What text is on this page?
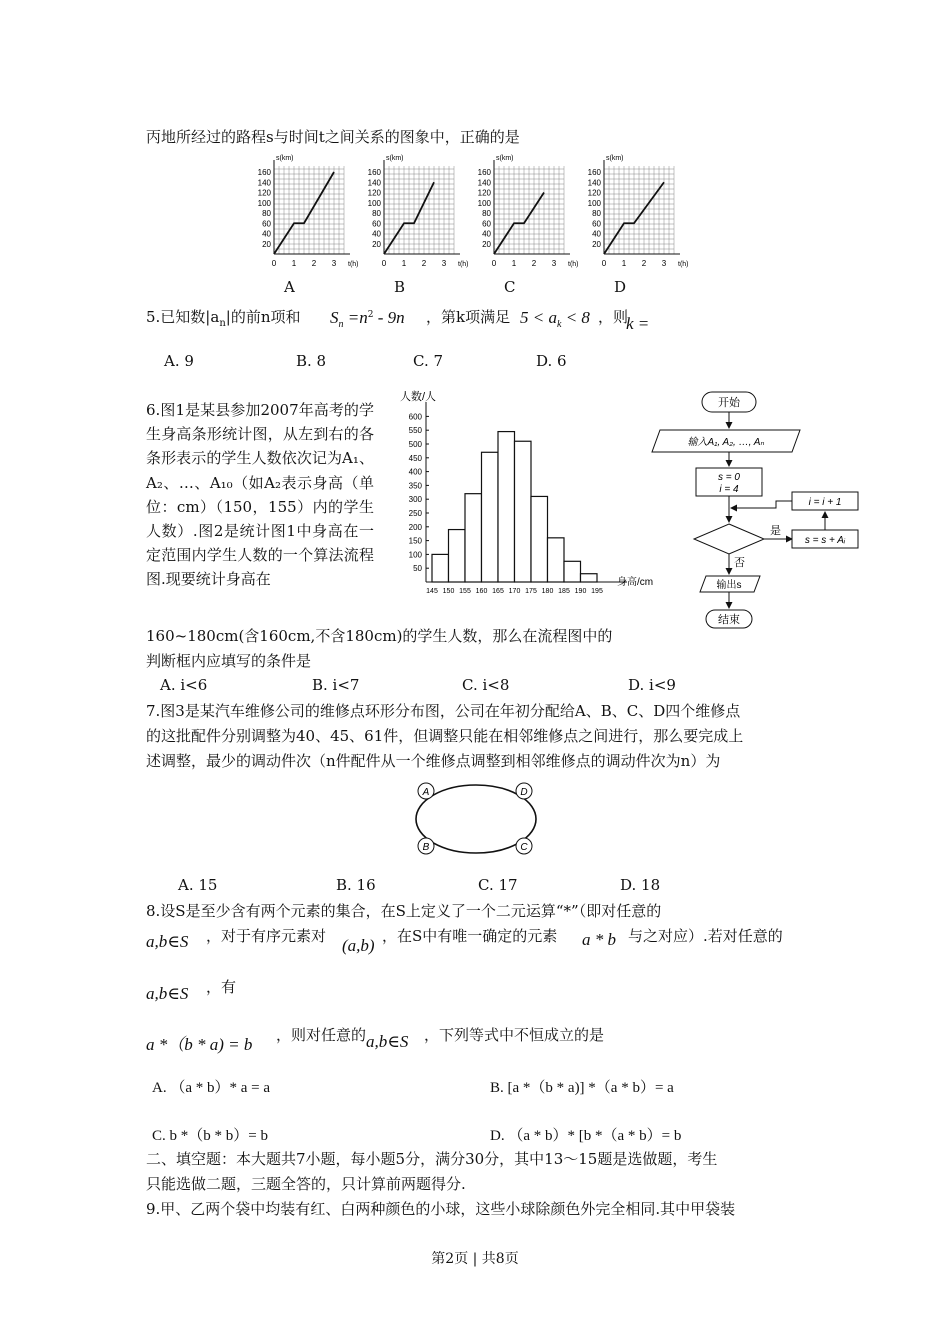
丙地所经过的路程s与时间t之间关系的图象中，正确的是
s(km)
t(h)
20
40
60
80
100
120
140
160
0 1 2 3
s(km)
t(h)
20
40
60
80
100
120
140
160
0 1 2 3
s(km)
t(h)
20
40
60
80
100
120
140
160
0 1 2 3
s(km)
t(h)
20
40
60
80
100
120
140
160
0 1 2 3
A	B	C	D
5.已知数$|a_n|$的前n项和 $S_n =n^2 - 9n$ ，第k项满足 $5 < a_k < 8$ ，则
k =
A. 9	B. 8	C. 7	D. 6
6.图1是某县参加2007年高考的学生身高条形统计图，从左到右的各条形表示的学生人数依次记为A₁、A₂、…、A₁₀（如A₂表示身高（单位：cm）（150，155）内的学生人数）.图2是统计图1中身高在一定范围内学生人数的一个算法流程图.现要统计身高在
人数/人
50
100
150
200
250
300
350
400
450
500
550
600
145 150 155 160 165 170 175 180 185 190 195
身高/cm
开始
输入A₁, A₂, …, Aₙ
s = 0
i = 4
是
s = s + Aᵢ
i = i + 1
否
输出s
结束
160~180cm(含160cm,不含180cm)的学生人数，那么在流程图中的
判断框内应填写的条件是
A. i<6	B. i<7	C. i<8	D. i<9
7.图3是某汽车维修公司的维修点环形分布图，公司在年初分配给A、B、C、D四个维修点
的这批配件分别调整为40、45、61件，但调整只能在相邻维修点之间进行，那么要完成上
述调整，最少的调动件次（n件配件从一个维修点调整到相邻维修点的调动件次为n）为
A	D
B	C
A. 15	B. 16	C. 17	D. 18
8.设S是至少含有两个元素的集合，在S上定义了一个二元运算“*”（即对任意的
a,b∈S ，对于有序元素对 (a,b) ，在S中有唯一确定的元素 a * b 与之对应）.若对任意的
a,b∈S ，有
a *（b * a) = b ，则对任意的 a,b∈S ，下列等式中不恒成立的是
A. （a * b）* a = a	B. [a *（b * a)] *（a * b）= a
C. b *（b * b）= b	D. （a * b）* [b *（a * b）= b
二、填空题：本大题共7小题，每小题5分，满分30分，其中13～15题是选做题，考生
只能选做二题，三题全答的，只计算前两题得分.
9.甲、乙两个袋中均装有红、白两种颜色的小球，这些小球除颜色外完全相同.其中甲袋装
第2页 | 共8页
